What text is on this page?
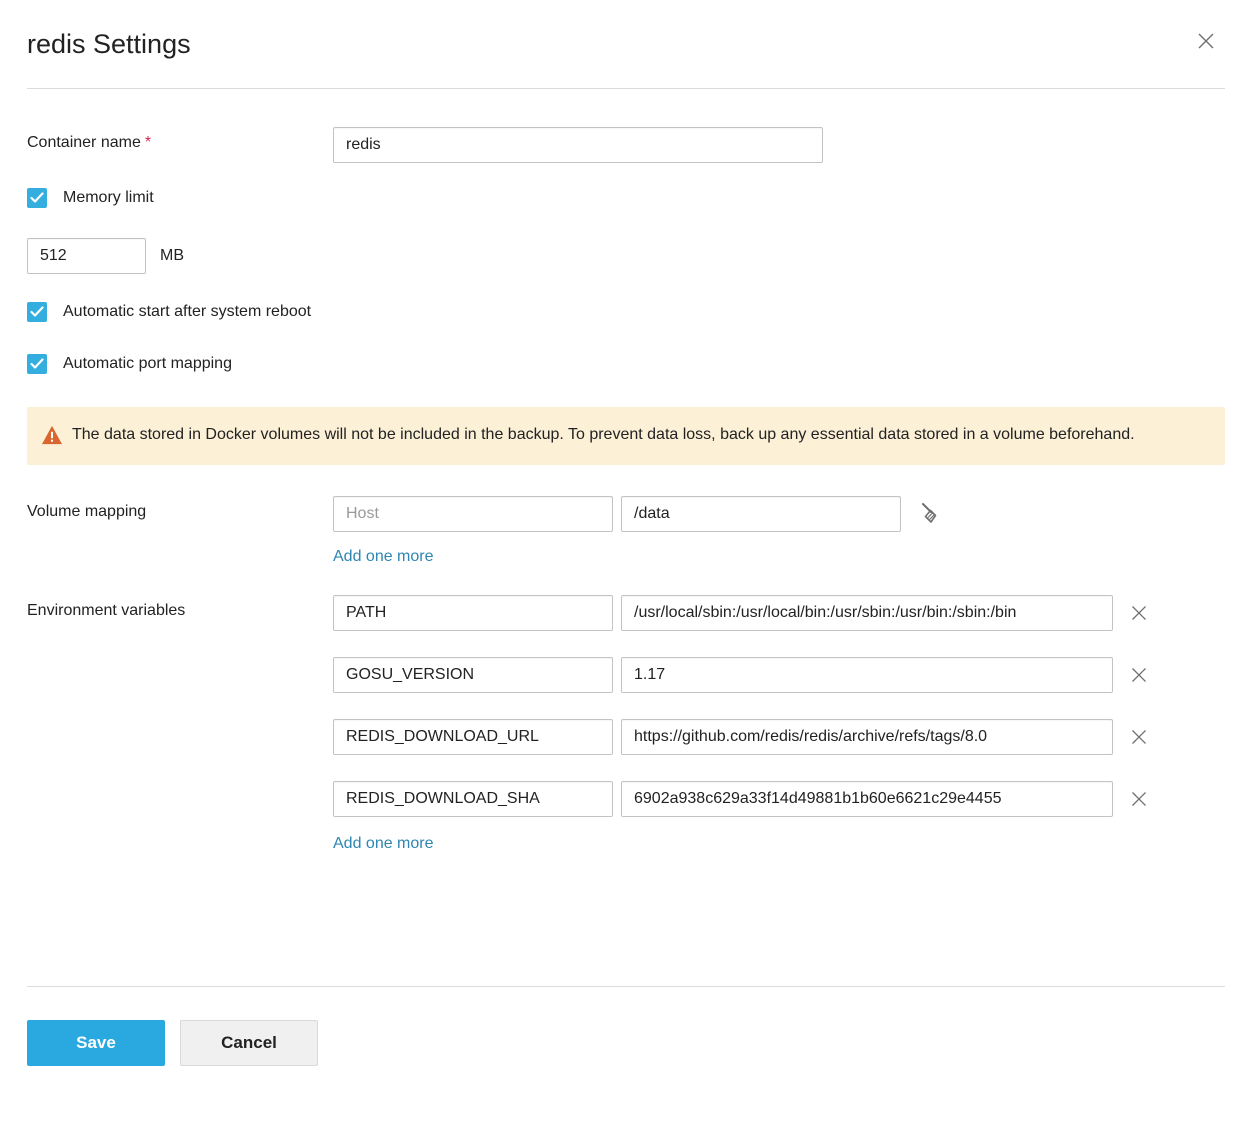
redis Settings
Container name *
redis
Memory limit
512
MB
Automatic start after system reboot
Automatic port mapping
The data stored in Docker volumes will not be included in the backup. To prevent data loss, back up any essential data stored in a volume beforehand.
Volume mapping
Host
/data
Add one more
Environment variables
PATH
/usr/local/sbin:/usr/local/bin:/usr/sbin:/usr/bin:/sbin:/bin
GOSU_VERSION
1.17
REDIS_DOWNLOAD_URL
https://github.com/redis/redis/archive/refs/tags/8.0
REDIS_DOWNLOAD_SHA
6902a938c629a33f14d49881b1b60e6621c29e4455
Add one more
Save	Cancel
